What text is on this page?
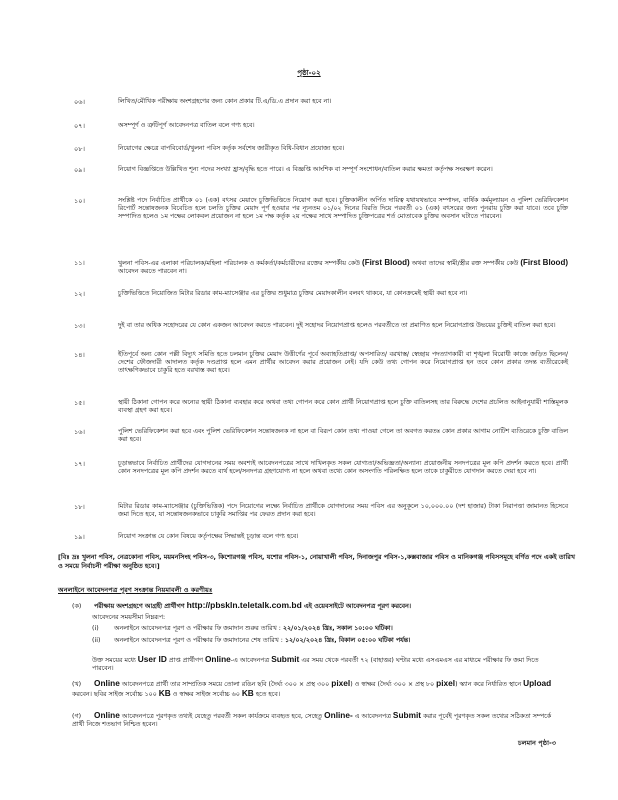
পৃষ্ঠা-০২
০৬।	লিখিত/মৌখিক পরীক্ষায় অংশগ্রহণের জন্য কোন প্রকার টি.এ/ডি.এ প্রদান করা হবে না।
০৭।	অসম্পূর্ণ ও ত্রুটিপূর্ণ আবেদনপত্র বাতিল বলে গণ্য হবে।
০৮।	নিয়োগের ক্ষেত্রে বাপবিবোর্ড/খুলনা পবিস কর্তৃক সর্বশেষ জারীকৃত বিধি-বিধান প্রযোজ্য হবে।
০৯।	নিয়োগ বিজ্ঞপ্তিতে উল্লিখিত শূন্য পদের সংখ্যা হ্রাস/বৃদ্ধি হতে পারে। এ বিজ্ঞপ্তি আংশিক বা সম্পূর্ণ সংশোধন/বাতিল করার ক্ষমতা কর্তৃপক্ষ সংরক্ষণ করেন।
১০।	সংশ্লিষ্ট পদে নির্বাচিত প্রার্থীকে ০১ (এক) বৎসর মেয়াদে চুক্তিভিত্তিতে নিয়োগ করা হবে। চুক্তিকালীন অর্পিত দায়িত্ব যথাযথভাবে সম্পাদন, বার্ষিক কর্মমূল্যায়ন ও পুলিশ ভেরিফিকেশন রিপোর্ট সন্তোষজনক বিবেচিত হলে চলতি চুক্তির মেয়াদ পূর্ণ হওয়ার পর ন্যূনতম ০১/০২ দিনের বিরতি দিয়ে পরবর্তী ০১ (এক) বৎসরের জন্য পুনরায় চুক্তি করা যাবে। তবে চুক্তি সম্পাদিত হলেও ১ম পক্ষের লোকবল প্রয়োজন না হলে ১ম পক্ষ কর্তৃক ২য় পক্ষের সাথে সম্পাদিত চুক্তিপত্রের শর্ত মোতাবেক চুক্তির অবসান ঘটাতে পারবেন।
১১।	খুলনা পবিস-এর এলাকা পরিচালক/মহিলা পরিচালক ও কর্মকর্তা/কর্মচারীদের রক্তের সম্পর্কীয় কেউ (First Blood) অথবা তাদের স্বামী/স্ত্রীর রক্ত সম্পর্কীয় কেউ (First Blood) আবেদন করতে পারবেন না।
১২।	চুক্তিভিত্তিতে নিয়োজিত মিটার রিডার কাম-ম্যাসেঞ্জার এর চুক্তির শুধুমাত্র চুক্তির মেয়াদকালীন বলবৎ থাকবে, যা কোনক্রমেই স্থায়ী করা হবে না।
১৩।	দুই বা তার অধিক সহোদরের যে কোন একজন আবেদন করতে পারবেন। দুই সহোদর নিয়োগপ্রাপ্ত হলেও পরবর্তীতে তা প্রমাণিত হলে নিয়োগপ্রাপ্ত উভয়ের চুক্তিই বাতিল করা হবে।
১৪।	ইতিপূর্বে অন্য কোন পল্লী বিদ্যুৎ সমিতি হতে চলমান চুক্তির মেয়াদ উত্তীর্ণের পূর্বে অব্যাহতিপ্রাপ্ত/ অপসারিত/ বরখাস্ত/ স্বেচ্ছায় পদত্যাগকারী বা শৃঙ্খলা বিরোধী কাজে জড়িত ছিলেন/দেশের ফৌজদারী আদালত কর্তৃক দণ্ডপ্রাপ্ত হলে এমন প্রার্থীর আবেদন করার প্রয়োজন নেই। যদি কেউ তথ্য গোপন করে নিয়োগপ্রাপ্ত হন তবে কোন প্রকার তদন্ত ব্যতীরেকেই তাৎক্ষণিকভাবে চাকুরি হতে বরখাস্ত করা হবে।
১৫।	স্থায়ী ঠিকানা গোপন করে অন্যের স্থায়ী ঠিকানা ব্যবহার করে অথবা তথ্য গোপন করে কোন প্রার্থী নিয়োগপ্রাপ্ত হলে চুক্তি বাতিলসহ তার বিরুদ্ধে দেশের প্রচলিত আইনানুযায়ী শাস্তিমূলক ব্যবস্থা গ্রহণ করা হবে।
১৬।	পুলিশ ভেরিফিকেশন করা হবে এবং পুলিশ ভেরিফিকেশন সন্তোষজনক না হলে বা বিরূপ কোন তথ্য পাওয়া গেলে তা অবগত করতঃ কোন প্রকার আগাম নোটিশ ব্যতিরেকে চুক্তি বাতিল করা হবে।
১৭।	চূড়ান্তভাবে নির্বাচিত প্রার্থীদের যোগদানের সময় অবশ্যই আবেদনপত্রের সাথে দাখিলকৃত সকল যোগ্যতা/অভিজ্ঞতা/অন্যান্য প্রয়োজনীয় সনদপত্রের মূল কপি প্রদর্শন করতে হবে। প্রার্থী কোন সনদপত্রের মূল কপি প্রদর্শন করতে ব্যর্থ হলে/সনদপত্র গ্রহণযোগ্য না হলে অথবা তথ্যে কোন অসংগতি পরিলক্ষিত হলে তাকে চাকুরীতে যোগদান করতে দেয়া হবে না।
১৮।	মিটার রিডার কাম-ম্যাসেঞ্জার (চুক্তিভিত্তিক) পদে নিয়োগের লক্ষ্যে নির্বাচিত প্রার্থীকে যোগদানের সময় পবিস এর অনুকূলে ১০,০০০.০০ (দশ হাজার) টাকা নিরাপত্তা জামানত হিসেবে জমা দিতে হবে, যা সন্তোষজনকভাবে চাকুরি সমাপ্তির পর ফেরত প্রদান করা হবে।
১৯।	নিয়োগ সংক্রান্ত যে কোন বিষয়ে কর্তৃপক্ষের সিদ্ধান্তই চূড়ান্ত বলে গণ্য হবে।
[বিঃ দ্রঃ খুলনা পবিস, নেত্রকোনা পবিস, ময়মনসিংহ পবিস-৩, কিশোরগঞ্জ পবিস, যশোর পবিস-১, নোয়াখালী পবিস, দিনাজপুর পবিস-১,কক্সবাজার পবিস ও মানিকগঞ্জ পবিসসমূহে বর্ণিত পদে একই তারিখ ও সময়ে নির্বাচনী পরীক্ষা অনুষ্ঠিত হবে।]
অনলাইনে আবেদনপত্র পূরণ সংক্রান্ত নিয়মাবলী ও করণীয়ঃ
(ক) পরীক্ষায় অংশগ্রহণে আগ্রহী প্রার্থীগণ http://pbskln.teletalk.com.bd এই ওয়েবসাইটে আবেদনপত্র পূরণ করবেন।
আবেদনের সময়সীমা নিম্নরূপ:
(i) অনলাইনে আবেদনপত্র পূরণ ও পরীক্ষার ফি জমাদান শুরুর তারিখ : ২২/০১/২০২৪ খ্রিঃ, সকাল ১০:০০ ঘটিকা।
(ii) অনলাইনে আবেদনপত্র পূরণ ও পরীক্ষার ফি জমাদানের শেষ তারিখ : ১২/০২/২০২৪ খ্রিঃ, বিকাল ০৫:০০ ঘটিকা পর্যন্ত।
উক্ত সময়ের মধ্যে User ID প্রাপ্ত প্রার্থীগণ Online-এ আবেদনপত্র Submit এর সময় থেকে পরবর্তী ৭২ (বাহাত্তর) ঘণ্টার মধ্যে এসএমএস এর মাধ্যমে পরীক্ষার ফি জমা দিতে পারবেন।
(খ) Online আবেদনপত্রে প্রার্থী তার সাম্প্রতিক সময়ে তোলা রঙিন ছবি (দৈর্ঘ্য ৩০০ × প্রস্থ ৩০০ pixel) ও স্বাক্ষর (দৈর্ঘ্য ৩০০ × প্রস্থ ৮০ pixel) স্ক্যান করে নির্ধারিত স্থানে Upload করবেন। ছবির সাইজ সর্বোচ্চ ১০০ KB ও স্বাক্ষর সাইজ সর্বোচ্চ ৬০ KB হতে হবে।
(গ) Online আবেদনপত্রে পূরণকৃত তথ্যই যেহেতু পরবর্তী সকল কার্যক্রমে ব্যবহৃত হবে, সেহেতু Online- এ আবেদনপত্র Submit করার পূর্বেই পূরণকৃত সকল তথ্যের সঠিকতা সম্পর্কে প্রার্থী নিজে শতভাগ নিশ্চিত হবেন।
চলমান পৃষ্ঠা-৩
